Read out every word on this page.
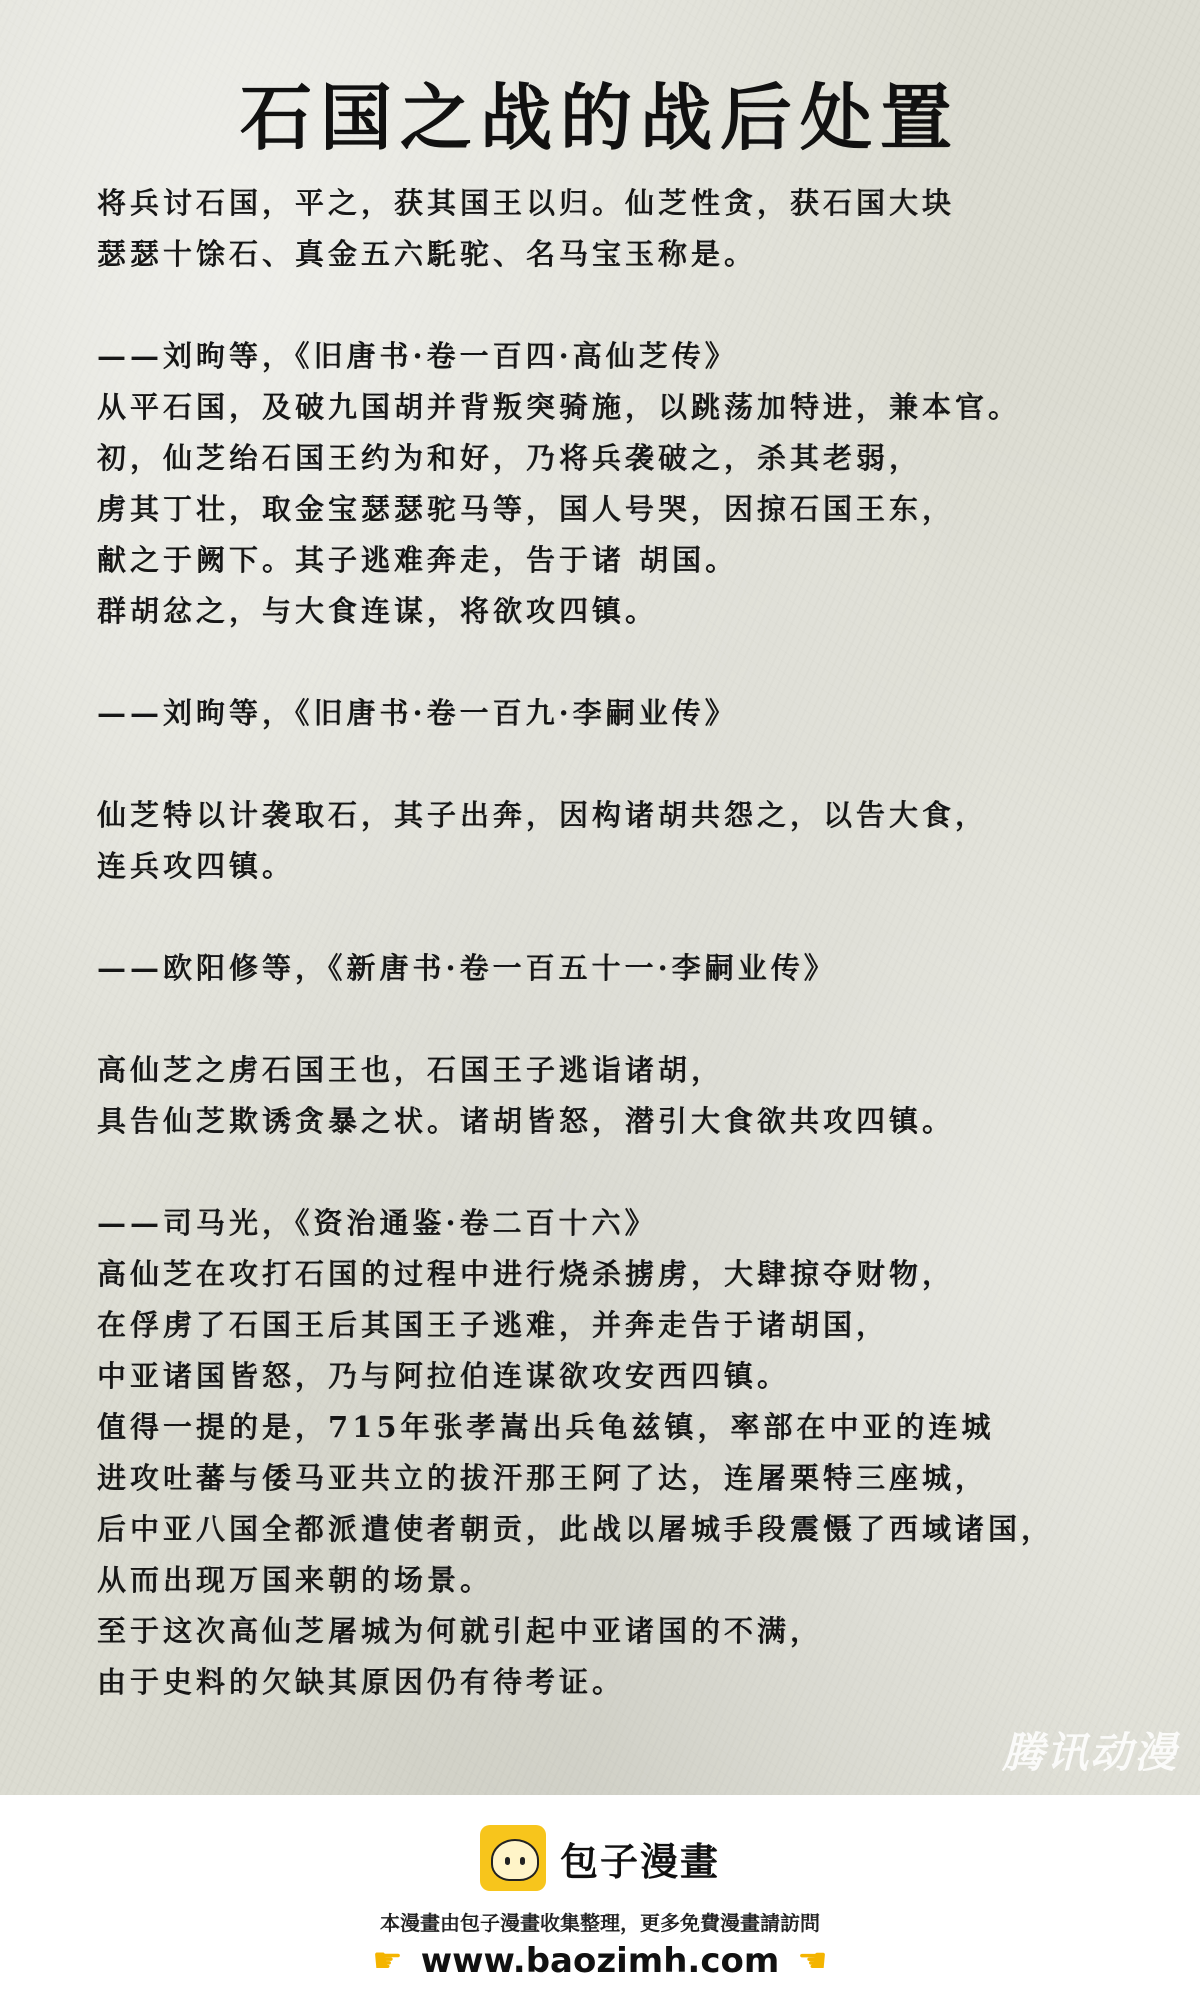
石国之战的战后处置
将兵讨石国，平之，获其国王以归。仙芝性贪，获石国大块
瑟瑟十馀石、真金五六馲驼、名马宝玉称是。
——刘昫等，《旧唐书·卷一百四·高仙芝传》
从平石国，及破九国胡并背叛突骑施，以跳荡加特进，兼本官。
初，仙芝绐石国王约为和好，乃将兵袭破之，杀其老弱，
虏其丁壮，取金宝瑟瑟驼马等，国人号哭，因掠石国王东，
献之于阙下。其子逃难奔走，告于诸 胡国。
群胡忿之，与大食连谋，将欲攻四镇。
——刘昫等，《旧唐书·卷一百九·李嗣业传》
仙芝特以计袭取石，其子出奔，因构诸胡共怨之，以告大食，
连兵攻四镇。
——欧阳修等，《新唐书·卷一百五十一·李嗣业传》
高仙芝之虏石国王也，石国王子逃诣诸胡，
具告仙芝欺诱贪暴之状。诸胡皆怒，潜引大食欲共攻四镇。
——司马光，《资治通鉴·卷二百十六》
高仙芝在攻打石国的过程中进行烧杀掳虏，大肆掠夺财物，
在俘虏了石国王后其国王子逃难，并奔走告于诸胡国，
中亚诸国皆怒，乃与阿拉伯连谋欲攻安西四镇。
值得一提的是，715年张孝嵩出兵龟兹镇，率部在中亚的连城
进攻吐蕃与倭马亚共立的拔汗那王阿了达，连屠栗特三座城，
后中亚八国全都派遣使者朝贡，此战以屠城手段震慑了西域诸国，
从而出现万国来朝的场景。
至于这次高仙芝屠城为何就引起中亚诸国的不满，
由于史料的欠缺其原因仍有待考证。
腾讯动漫
包子漫畫
本漫畫由包子漫畫收集整理，更多免費漫畫請訪問
☛ www.baozimh.com ☚
